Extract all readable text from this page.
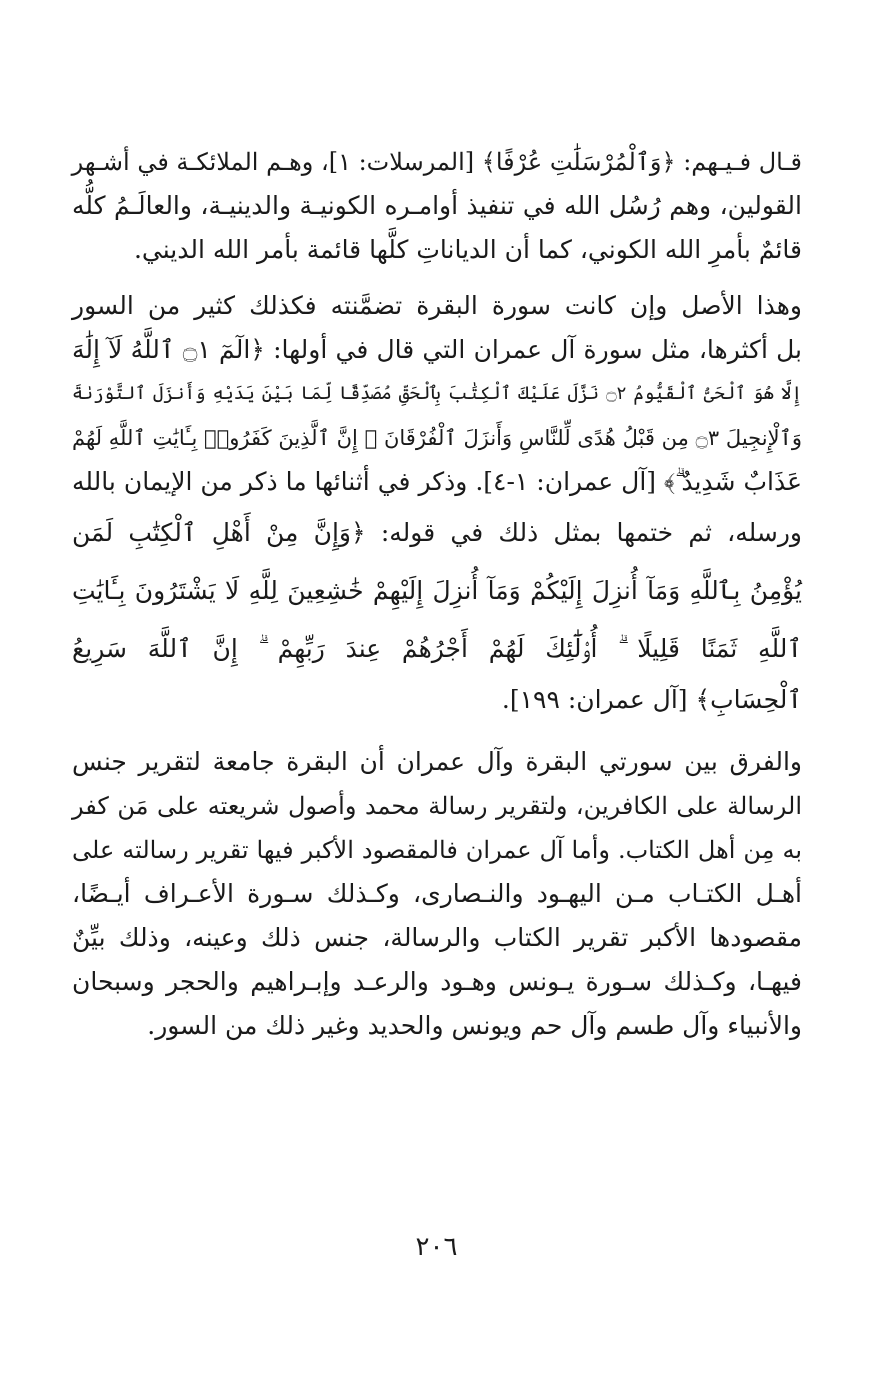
قـال فـيـهم: ﴿وَٱلْمُرْسَلَٰتِ عُرْفًا﴾ [المرسلات: ١]، وهـم الملائكـة في أشـهر
القولين، وهم رُسُل الله في تنفيذ أوامـره الكونيـة والدينيـة، والعالَـمُ كلُّه
قائمٌ بأمرِ الله الكوني، كما أن الدياناتِ كلَّها قائمة بأمر الله الديني.
وهذا الأصل وإن كانت سورة البقرة تضمَّنته فكذلك كثير من السور
بل أكثرها، مثل سورة آل عمران التي قال في أولها: ﴿الٓمٓ ۝١ ٱللَّهُ لَآ إِلَٰهَ
إِلَّا هُوَ ٱلْحَىُّ ٱلْقَيُّومُ ۝٢ نَزَّلَ عَلَيْكَ ٱلْكِتَٰبَ بِٱلْحَقِّ مُصَدِّقًا لِّمَا بَيْنَ يَدَيْهِ وَأَنزَلَ ٱلتَّوْرَىٰةَ
وَٱلْإِنجِيلَ ۝٣ مِن قَبْلُ هُدًى لِّلنَّاسِ وَأَنزَلَ ٱلْفُرْقَانَ ۗ إِنَّ ٱلَّذِينَ كَفَرُوا۟ بِـَٔايَٰتِ ٱللَّهِ لَهُمْ
عَذَابٌ شَدِيدٌ ۗ﴾ [آل عمران: ١-٤]. وذكر في أثنائها ما ذكر من الإيمان بالله
ورسله، ثم ختمها بمثل ذلك في قوله: ﴿وَإِنَّ مِنْ أَهْلِ ٱلْكِتَٰبِ لَمَن
يُؤْمِنُ بِٱللَّهِ وَمَآ أُنزِلَ إِلَيْكُمْ وَمَآ أُنزِلَ إِلَيْهِمْ خَٰشِعِينَ لِلَّهِ لَا يَشْتَرُونَ بِـَٔايَٰتِ
ٱللَّهِ ثَمَنًا قَلِيلًا ۗ أُو۟لَٰٓئِكَ لَهُمْ أَجْرُهُمْ عِندَ رَبِّهِمْ ۗ إِنَّ ٱللَّهَ سَرِيعُ
ٱلْحِسَابِ﴾ [آل عمران: ١٩٩].
والفرق بين سورتي البقرة وآل عمران أن البقرة جامعة لتقرير جنس
الرسالة على الكافرين، ولتقرير رسالة محمد وأصول شريعته على مَن كفر
به مِن أهل الكتاب. وأما آل عمران فالمقصود الأكبر فيها تقرير رسالته على
أهـل الكتـاب مـن اليهـود والنـصارى، وكـذلك سـورة الأعـراف أيـضًا،
مقصودها الأكبر تقرير الكتاب والرسالة، جنس ذلك وعينه، وذلك بيِّنٌ
فيهـا، وكـذلك سـورة يـونس وهـود والرعـد وإبـراهيم والحجر وسبحان
والأنبياء وآل طسم وآل حم ويونس والحديد وغير ذلك من السور.
٢٠٦
